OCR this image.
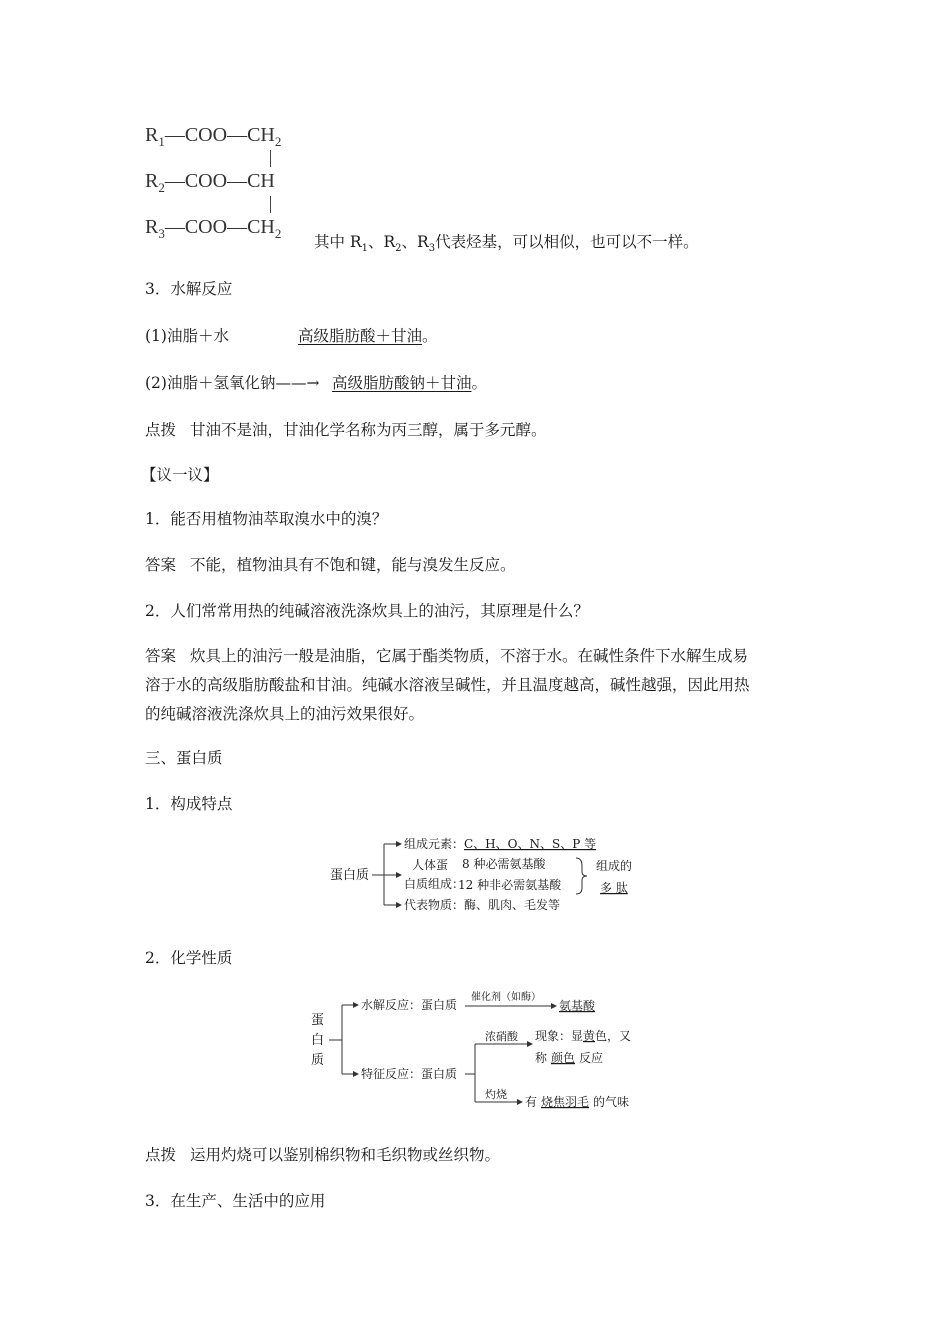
$R_1—COO—CH_2$
$R_2—COO—CH$
$R_3—COO—CH_2$ 其中 $R_1$、$R_2$、$R_3$代表烃基，可以相似，也可以不一样。
3．水解反应
(1)油脂＋水	高级脂肪酸＋甘油。
(2)油脂＋氢氧化钠——→ 高级脂肪酸钠＋甘油。
点拨 甘油不是油，甘油化学名称为丙三醇，属于多元醇。
【议一议】
1．能否用植物油萃取溴水中的溴？
答案 不能，植物油具有不饱和键，能与溴发生反应。
2．人们常常用热的纯碱溶液洗涤炊具上的油污，其原理是什么？
答案 炊具上的油污一般是油脂，它属于酯类物质，不溶于水。在碱性条件下水解生成易
溶于水的高级脂肪酸盐和甘油。纯碱水溶液呈碱性，并且温度越高，碱性越强，因此用热
的纯碱溶液洗涤炊具上的油污效果很好。
三、蛋白质
1．构成特点
蛋白质
组成元素： C、H、O、N、S、P 等
人体蛋
白质组成：
8 种必需氨基酸
12 种非必需氨基酸
组成的
多 肽
代表物质： 酶、肌肉、毛发等
2．化学性质
蛋
白
质
水解反应：蛋白质
催化剂（如酶）
氨基酸
特征反应：蛋白质
浓硝酸
灼烧
现象：显黄色，又
称 颜色 反应
有 烧焦羽毛 的气味
点拨 运用灼烧可以鉴别棉织物和毛织物或丝织物。
3．在生产、生活中的应用
